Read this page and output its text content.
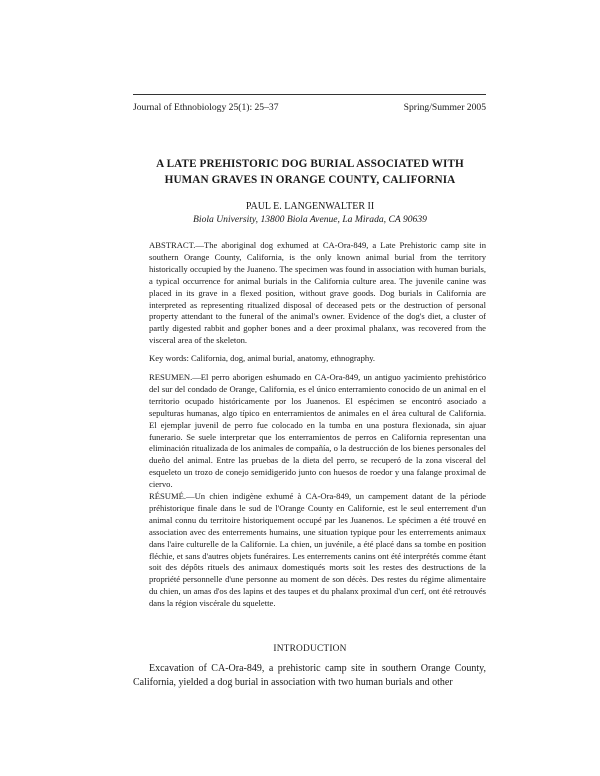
Journal of Ethnobiology 25(1): 25–37	Spring/Summer 2005
A LATE PREHISTORIC DOG BURIAL ASSOCIATED WITH
HUMAN GRAVES IN ORANGE COUNTY, CALIFORNIA
PAUL E. LANGENWALTER II
Biola University, 13800 Biola Avenue, La Mirada, CA 90639

ABSTRACT.—The aboriginal dog exhumed at CA-Ora-849, a Late Prehistoric camp site in southern Orange County, California, is the only known animal burial from the territory historically occupied by the Juaneno. The specimen was found in association with human burials, a typical occurrence for animal burials in the California culture area. The juvenile canine was placed in its grave in a flexed position, without grave goods. Dog burials in California are interpreted as representing ritualized disposal of deceased pets or the destruction of personal property attendant to the funeral of the animal's owner. Evidence of the dog's diet, a cluster of partly digested rabbit and gopher bones and a deer proximal phalanx, was recovered from the visceral area of the skeleton.

Key words: California, dog, animal burial, anatomy, ethnography.

RESUMEN.—El perro aborigen eshumado en CA-Ora-849, un antiguo yacimiento prehistórico del sur del condado de Orange, California, es el único enterramiento conocido de un animal en el territorio ocupado históricamente por los Juanenos. El espécimen se encontró asociado a sepulturas humanas, algo típico en enterramientos de animales en el área cultural de California. El ejemplar juvenil de perro fue colocado en la tumba en una postura flexionada, sin ajuar funerario. Se suele interpretar que los enterramientos de perros en California representan una eliminación ritualizada de los animales de compañía, o la destrucción de los bienes personales del dueño del animal. Entre las pruebas de la dieta del perro, se recuperó de la zona visceral del esqueleto un trozo de conejo semidigerido junto con huesos de roedor y una falange proximal de ciervo.

RÉSUMÉ.—Un chien indigène exhumé à CA-Ora-849, un campement datant de la période préhistorique finale dans le sud de l'Orange County en Californie, est le seul enterrement d'un animal connu du territoire historiquement occupé par les Juanenos. Le spécimen a été trouvé en association avec des enterrements humains, une situation typique pour les enterrements animaux dans l'aire culturelle de la Californie. La chien, un juvénile, a été placé dans sa tombe en position fléchie, et sans d'autres objets funéraires. Les enterrements canins ont été interprétés comme étant soit des dépôts rituels des animaux domestiqués morts soit les restes des destructions de la propriété personnelle d'une personne au moment de son décès. Des restes du régime alimentaire du chien, un amas d'os des lapins et des taupes et du phalanx proximal d'un cerf, ont été retrouvés dans la région viscérale du squelette.

INTRODUCTION

Excavation of CA-Ora-849, a prehistoric camp site in southern Orange County, California, yielded a dog burial in association with two human burials and other
